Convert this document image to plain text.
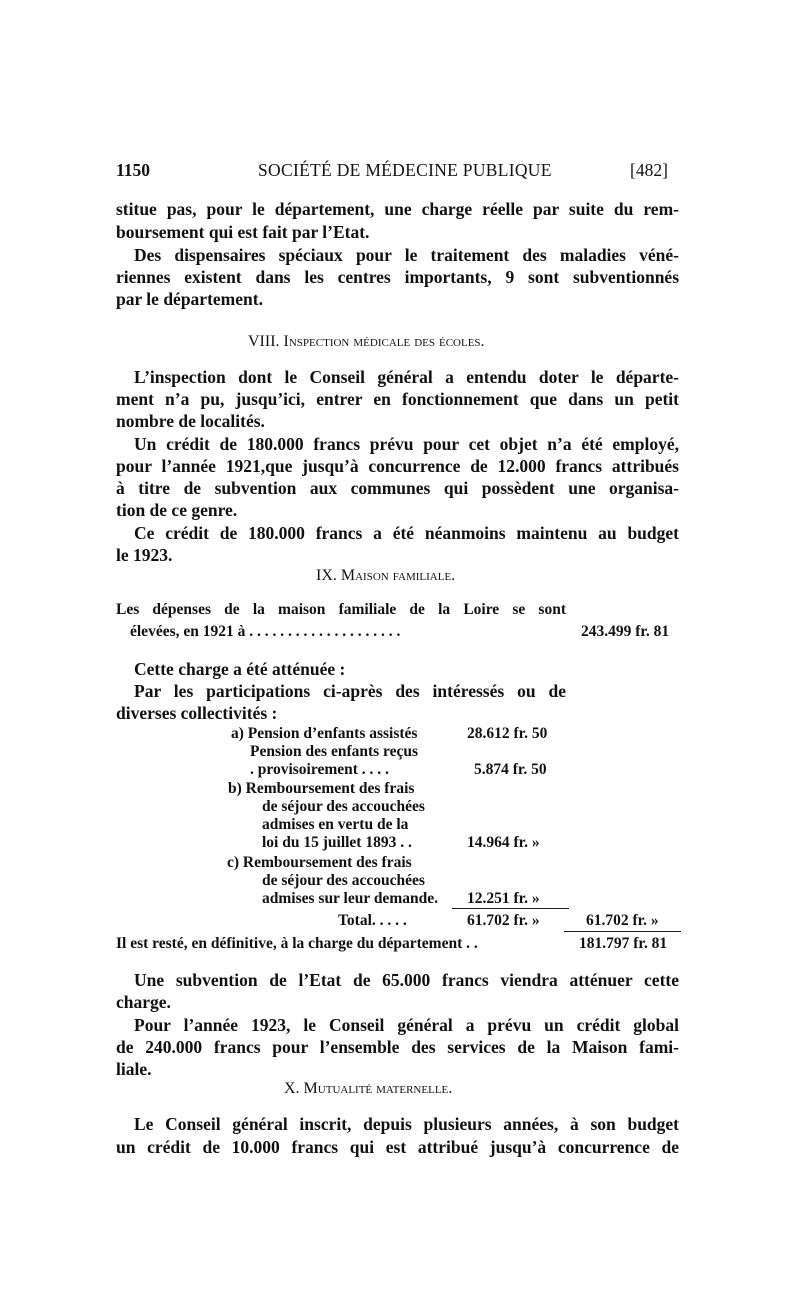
1150	SOCIÉTÉ DE MÉDECINE PUBLIQUE	[482]
stitue pas, pour le département, une charge réelle par suite du rem-
boursement qui est fait par l’Etat.
Des dispensaires spéciaux pour le traitement des maladies véné-
riennes existent dans les centres importants, 9 sont subventionnés
par le département.
VIII. Inspection médicale des écoles.
L’inspection dont le Conseil général a entendu doter le départe-
ment n’a pu, jusqu’ici, entrer en fonctionnement que dans un petit
nombre de localités.
Un crédit de 180.000 francs prévu pour cet objet n’a été employé,
pour l’année 1921,que jusqu’à concurrence de 12.000 francs attribués
à titre de subvention aux communes qui possèdent une organisa-
tion de ce genre.
Ce crédit de 180.000 francs a été néanmoins maintenu au budget
le 1923.
IX. Maison familiale.
Les dépenses de la maison familiale de la Loire se sont
élevées, en 1921 à . . . . . . . . . . . . . . . . . . . .	243.499 fr. 81
Cette charge a été atténuée :
Par les participations ci-après des intéressés ou de
diverses collectivités :
a) Pension d’enfants assistés	28.612 fr. 50
Pension des enfants reçus
. provisoirement . . . .	5.874 fr. 50
b) Remboursement des frais
de séjour des accouchées
admises en vertu de la
loi du 15 juillet 1893 . .	14.964 fr. »
c) Remboursement des frais
de séjour des accouchées
admises sur leur demande. 12.251 fr. »
Total. . . . .	61.702 fr. »	61.702 fr. »
Il est resté, en définitive, à la charge du département . .	181.797 fr. 81
Une subvention de l’Etat de 65.000 francs viendra atténuer cette
charge.
Pour l’année 1923, le Conseil général a prévu un crédit global
de 240.000 francs pour l’ensemble des services de la Maison fami-
liale.
X. Mutualité maternelle.
Le Conseil général inscrit, depuis plusieurs années, à son budget
un crédit de 10.000 francs qui est attribué jusqu’à concurrence de
